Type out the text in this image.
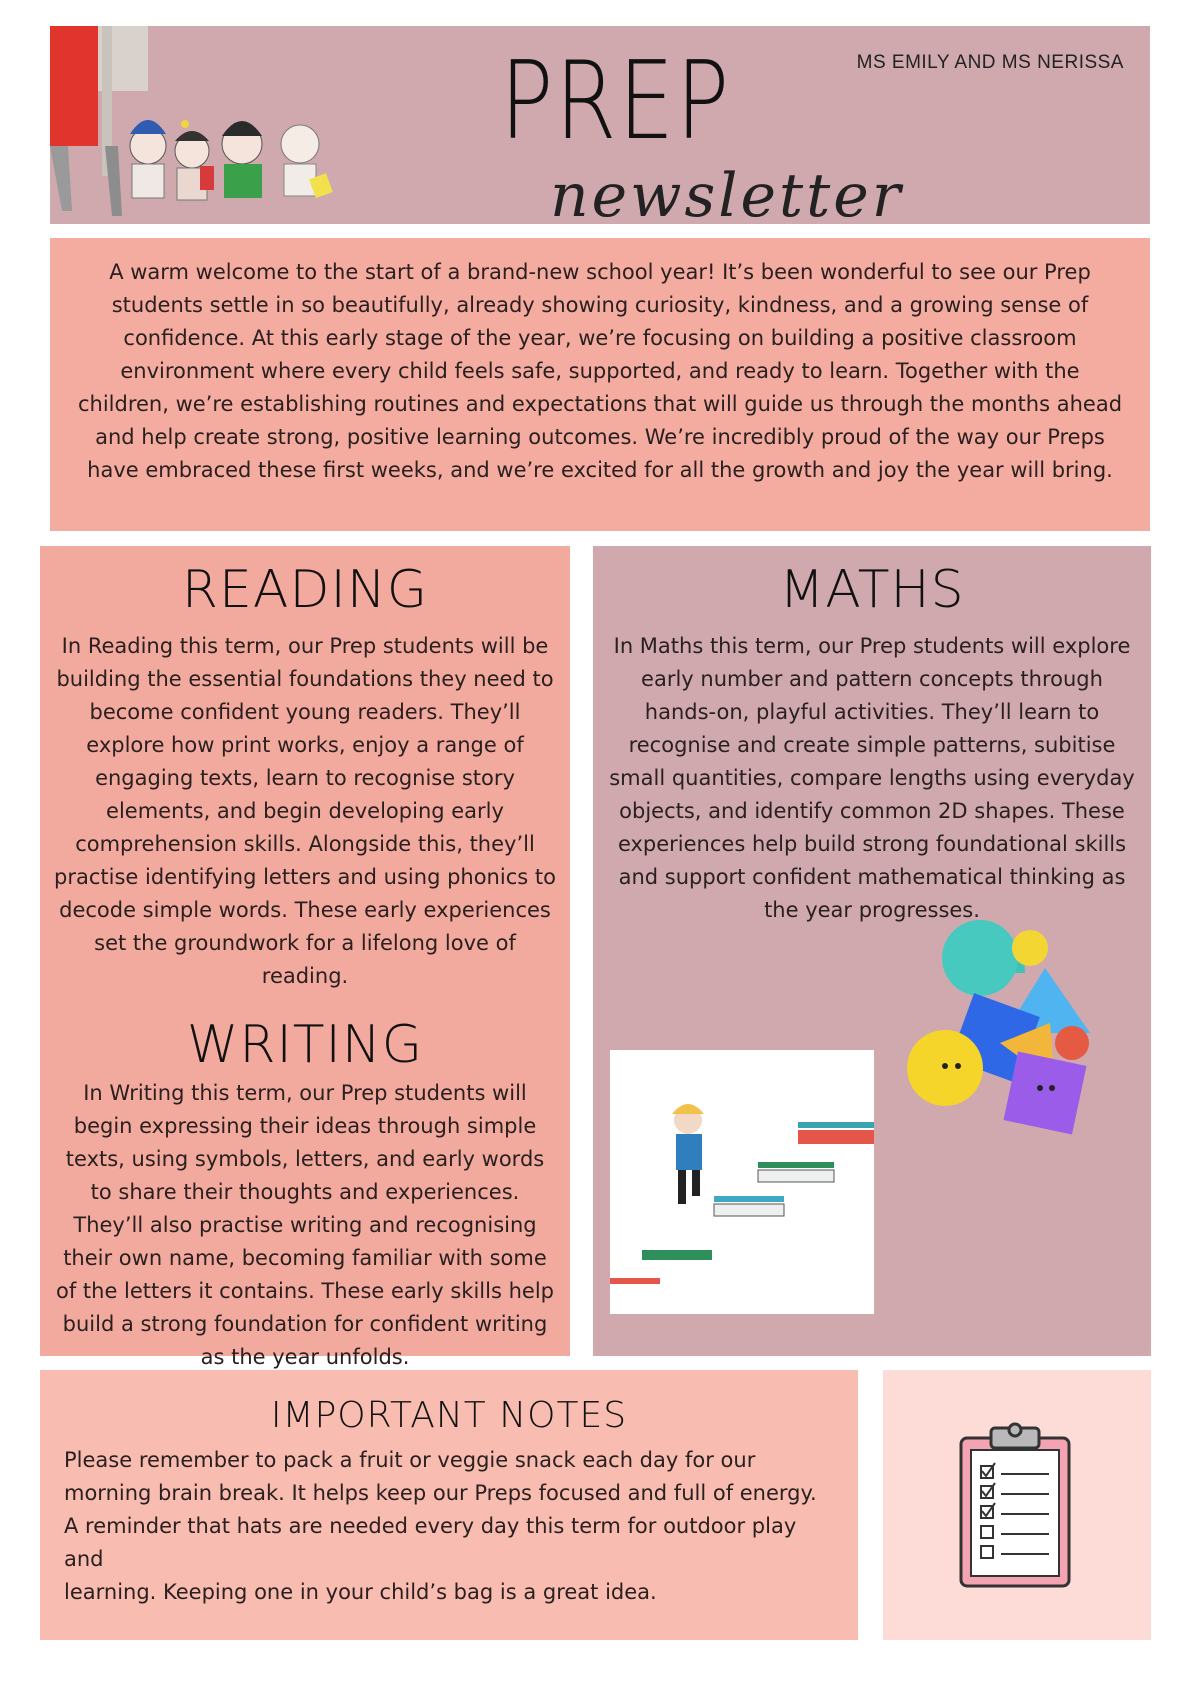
PREP
newsletter
MS EMILY AND MS NERISSA

A warm welcome to the start of a brand-new school year! It’s been wonderful to see our Prep students settle in so beautifully, already showing curiosity, kindness, and a growing sense of confidence. At this early stage of the year, we’re focusing on building a positive classroom environment where every child feels safe, supported, and ready to learn. Together with the children, we’re establishing routines and expectations that will guide us through the months ahead and help create strong, positive learning outcomes. We’re incredibly proud of the way our Preps have embraced these first weeks, and we’re excited for all the growth and joy the year will bring.

READING

In Reading this term, our Prep students will be building the essential foundations they need to become confident young readers. They’ll explore how print works, enjoy a range of engaging texts, learn to recognise story elements, and begin developing early comprehension skills. Alongside this, they’ll practise identifying letters and using phonics to decode simple words. These early experiences set the groundwork for a lifelong love of reading.

WRITING

In Writing this term, our Prep students will begin expressing their ideas through simple texts, using symbols, letters, and early words to share their thoughts and experiences. They’ll also practise writing and recognising their own name, becoming familiar with some of the letters it contains. These early skills help build a strong foundation for confident writing as the year unfolds.

MATHS

In Maths this term, our Prep students will explore early number and pattern concepts through hands-on, playful activities. They’ll learn to recognise and create simple patterns, subitise small quantities, compare lengths using everyday objects, and identify common 2D shapes. These experiences help build strong foundational skills and support confident mathematical thinking as the year progresses.

IMPORTANT NOTES

Please remember to pack a fruit or veggie snack each day for our
morning brain break. It helps keep our Preps focused and full of energy.
A reminder that hats are needed every day this term for outdoor play and
learning. Keeping one in your child’s bag is a great idea.
